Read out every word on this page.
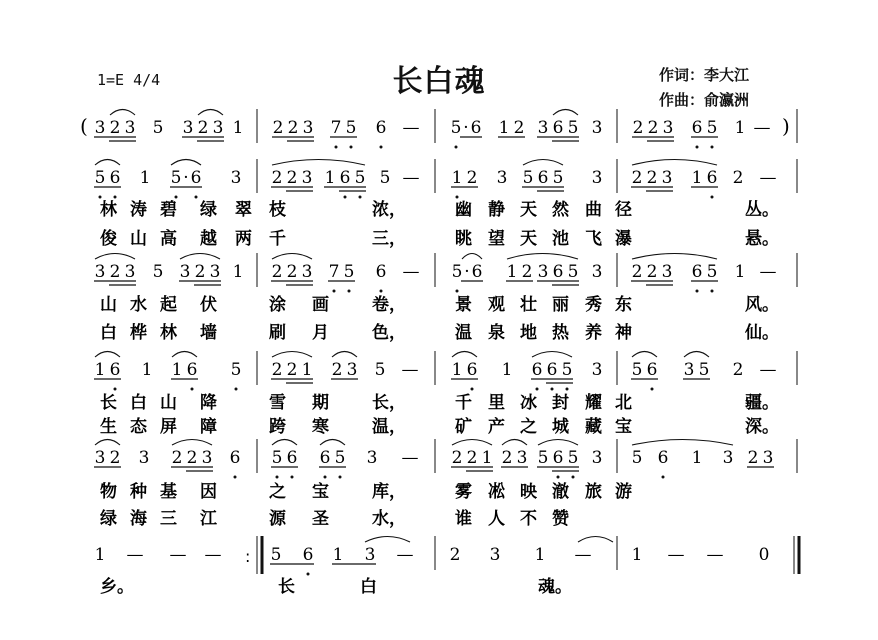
长白魂
1=E 4/4	作词：李大江
作曲：俞瀛洲
(	)
3 2 3 5 3 2 3 1 2 2 3 7 5 6 — 5 · 6 1 2 3 6 5 3 2 2 3 6 5 1 —
5 6 1 5 · 6 3 2 2 3 1 6 5 5 — 1 2 3 5 6 5 3 2 2 3 1 6 2 —
林 涛 碧 绿 翠 枝	浓，	幽 静 天 然 曲 径	丛。
俊 山 高 越 两 千	三，	眺 望 天 池 飞 瀑	悬。
3 2 3 5 3 2 3 1 2 2 3 7 5 6 — 5 · 6 1 2 3 6 5 3 2 2 3 6 5 1 —
山 水 起 伏	涂 画	卷，	景 观 壮 丽 秀 东	风。
白 桦 林 墙	刷 月	色，	温 泉 地 热 养 神	仙。
1 6 1 1 6 5 2 2 1 2 3 5 — 1 6 1 6 6 5 3 5 6 3 5 2 —
长 白 山 降	雪 期	长，	千 里 冰 封 耀 北	疆。
生 态 屏 障	跨 寒	温，	矿 产 之 城 藏 宝	深。
3 2 3 2 2 3 6 5 6 6 5 3 — 2 2 1 2 3 5 6 5 3 5 6 1 3 2 3
物 种 基 因	之 宝	库，	雾 凇 映 澈 旅 游
绿 海 三 江	源 圣	水，	谁 人 不 赞
:
1 — — —	5 6 1 3 — 2 3 1 — 1 — — 0
乡。	长	白	魂。
